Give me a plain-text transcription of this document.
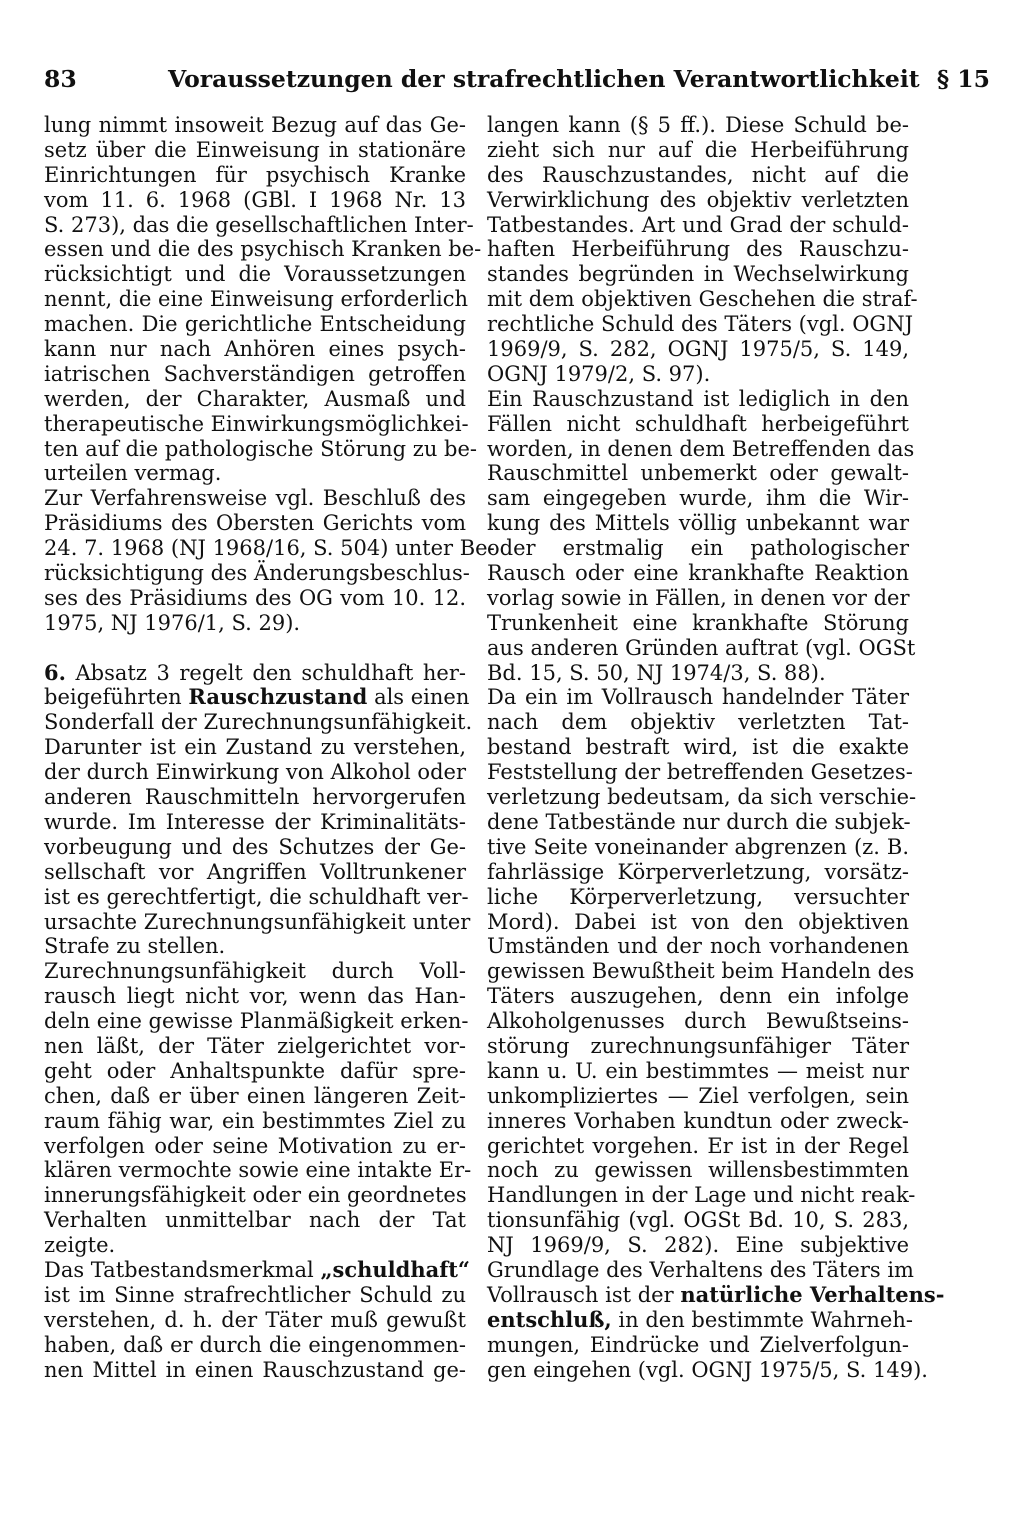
83	Voraussetzungen der strafrechtlichen Verantwortlichkeit § 15
lung nimmt insoweit Bezug auf das Ge-
setz über die Einweisung in stationäre
Einrichtungen für psychisch Kranke
vom 11. 6. 1968 (GBl. I 1968 Nr. 13
S. 273), das die gesellschaftlichen Inter-
essen und die des psychisch Kranken be-
rücksichtigt und die Voraussetzungen
nennt, die eine Einweisung erforderlich
machen. Die gerichtliche Entscheidung
kann nur nach Anhören eines psych-
iatrischen Sachverständigen getroffen
werden, der Charakter, Ausmaß und
therapeutische Einwirkungsmöglichkei-
ten auf die pathologische Störung zu be-
urteilen vermag.
Zur Verfahrensweise vgl. Beschluß des
Präsidiums des Obersten Gerichts vom
24. 7. 1968 (NJ 1968/16, S. 504) unter Be-
rücksichtigung des Änderungsbeschlus-
ses des Präsidiums des OG vom 10. 12.
1975, NJ 1976/1, S. 29).
6. Absatz 3 regelt den schuldhaft her-
beigeführten Rauschzustand als einen
Sonderfall der Zurechnungsunfähigkeit.
Darunter ist ein Zustand zu verstehen,
der durch Einwirkung von Alkohol oder
anderen Rauschmitteln hervorgerufen
wurde. Im Interesse der Kriminalitäts-
vorbeugung und des Schutzes der Ge-
sellschaft vor Angriffen Volltrunkener
ist es gerechtfertigt, die schuldhaft ver-
ursachte Zurechnungsunfähigkeit unter
Strafe zu stellen.
Zurechnungsunfähigkeit durch Voll-
rausch liegt nicht vor, wenn das Han-
deln eine gewisse Planmäßigkeit erken-
nen läßt, der Täter zielgerichtet vor-
geht oder Anhaltspunkte dafür spre-
chen, daß er über einen längeren Zeit-
raum fähig war, ein bestimmtes Ziel zu
verfolgen oder seine Motivation zu er-
klären vermochte sowie eine intakte Er-
innerungsfähigkeit oder ein geordnetes
Verhalten unmittelbar nach der Tat
zeigte.
Das Tatbestandsmerkmal „schuldhaft“
ist im Sinne strafrechtlicher Schuld zu
verstehen, d. h. der Täter muß gewußt
haben, daß er durch die eingenommen-
nen Mittel in einen Rauschzustand ge-
langen kann (§ 5 ff.). Diese Schuld be-
zieht sich nur auf die Herbeiführung
des Rauschzustandes, nicht auf die
Verwirklichung des objektiv verletzten
Tatbestandes. Art und Grad der schuld-
haften Herbeiführung des Rauschzu-
standes begründen in Wechselwirkung
mit dem objektiven Geschehen die straf-
rechtliche Schuld des Täters (vgl. OGNJ
1969/9, S. 282, OGNJ 1975/5, S. 149,
OGNJ 1979/2, S. 97).
Ein Rauschzustand ist lediglich in den
Fällen nicht schuldhaft herbeigeführt
worden, in denen dem Betreffenden das
Rauschmittel unbemerkt oder gewalt-
sam eingegeben wurde, ihm die Wir-
kung des Mittels völlig unbekannt war
oder erstmalig ein pathologischer
Rausch oder eine krankhafte Reaktion
vorlag sowie in Fällen, in denen vor der
Trunkenheit eine krankhafte Störung
aus anderen Gründen auftrat (vgl. OGSt
Bd. 15, S. 50, NJ 1974/3, S. 88).
Da ein im Vollrausch handelnder Täter
nach dem objektiv verletzten Tat-
bestand bestraft wird, ist die exakte
Feststellung der betreffenden Gesetzes-
verletzung bedeutsam, da sich verschie-
dene Tatbestände nur durch die subjek-
tive Seite voneinander abgrenzen (z. B.
fahrlässige Körperverletzung, vorsätz-
liche Körperverletzung, versuchter
Mord). Dabei ist von den objektiven
Umständen und der noch vorhandenen
gewissen Bewußtheit beim Handeln des
Täters auszugehen, denn ein infolge
Alkoholgenusses durch Bewußtseins-
störung zurechnungsunfähiger Täter
kann u. U. ein bestimmtes — meist nur
unkompliziertes — Ziel verfolgen, sein
inneres Vorhaben kundtun oder zweck-
gerichtet vorgehen. Er ist in der Regel
noch zu gewissen willensbestimmten
Handlungen in der Lage und nicht reak-
tionsunfähig (vgl. OGSt Bd. 10, S. 283,
NJ 1969/9, S. 282). Eine subjektive
Grundlage des Verhaltens des Täters im
Vollrausch ist der natürliche Verhaltens-
entschluß, in den bestimmte Wahrneh-
mungen, Eindrücke und Zielverfolgun-
gen eingehen (vgl. OGNJ 1975/5, S. 149).
